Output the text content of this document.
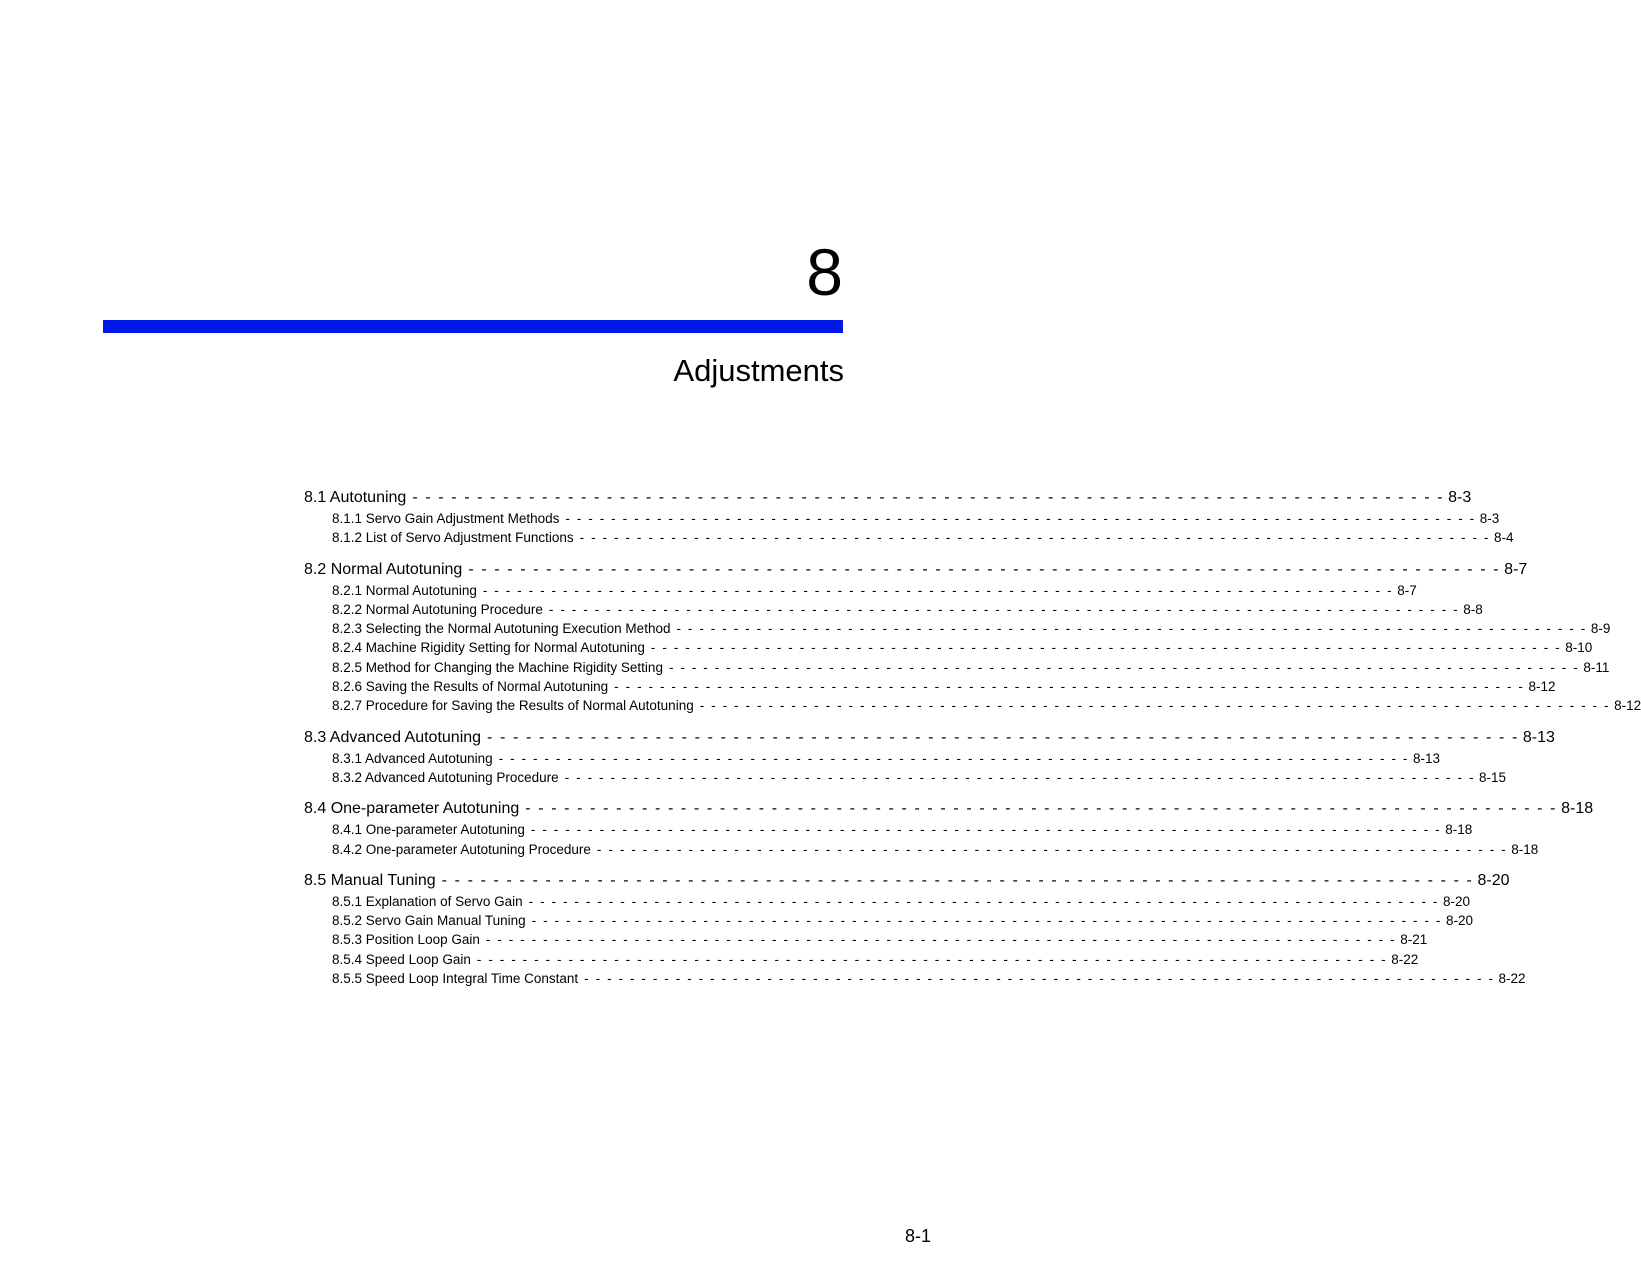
8
Adjustments
8.1 Autotuning - - - - - - - - - - - - - - - - - - - - - - - - - - - - - - - - - - - - - - - - - - - - - - - - - - - - - - - - - - - - - - - - - - - - - - - - - - - - - - - - 8-3
8.1.1 Servo Gain Adjustment Methods - - - - - - - - - - - - - - - - - - - - - - - - - - - - - - - - - - - - - - - - - - - - - - - - - - - - - - - - - - - - - - - - - - - - - - - - - - - - - - - - 8-3
8.1.2 List of Servo Adjustment Functions - - - - - - - - - - - - - - - - - - - - - - - - - - - - - - - - - - - - - - - - - - - - - - - - - - - - - - - - - - - - - - - - - - - - - - - - - - - - - - - - 8-4
8.2 Normal Autotuning - - - - - - - - - - - - - - - - - - - - - - - - - - - - - - - - - - - - - - - - - - - - - - - - - - - - - - - - - - - - - - - - - - - - - - - - - - - - - - - - 8-7
8.2.1 Normal Autotuning - - - - - - - - - - - - - - - - - - - - - - - - - - - - - - - - - - - - - - - - - - - - - - - - - - - - - - - - - - - - - - - - - - - - - - - - - - - - - - - - 8-7
8.2.2 Normal Autotuning Procedure - - - - - - - - - - - - - - - - - - - - - - - - - - - - - - - - - - - - - - - - - - - - - - - - - - - - - - - - - - - - - - - - - - - - - - - - - - - - - - - - 8-8
8.2.3 Selecting the Normal Autotuning Execution Method - - - - - - - - - - - - - - - - - - - - - - - - - - - - - - - - - - - - - - - - - - - - - - - - - - - - - - - - - - - - - - - - - - - - - - - - - - - - - - - - 8-9
8.2.4 Machine Rigidity Setting for Normal Autotuning - - - - - - - - - - - - - - - - - - - - - - - - - - - - - - - - - - - - - - - - - - - - - - - - - - - - - - - - - - - - - - - - - - - - - - - - - - - - - - - - 8-10
8.2.5 Method for Changing the Machine Rigidity Setting - - - - - - - - - - - - - - - - - - - - - - - - - - - - - - - - - - - - - - - - - - - - - - - - - - - - - - - - - - - - - - - - - - - - - - - - - - - - - - - - 8-11
8.2.6 Saving the Results of Normal Autotuning - - - - - - - - - - - - - - - - - - - - - - - - - - - - - - - - - - - - - - - - - - - - - - - - - - - - - - - - - - - - - - - - - - - - - - - - - - - - - - - - 8-12
8.2.7 Procedure for Saving the Results of Normal Autotuning - - - - - - - - - - - - - - - - - - - - - - - - - - - - - - - - - - - - - - - - - - - - - - - - - - - - - - - - - - - - - - - - - - - - - - - - - - - - - - - - 8-12
8.3 Advanced Autotuning - - - - - - - - - - - - - - - - - - - - - - - - - - - - - - - - - - - - - - - - - - - - - - - - - - - - - - - - - - - - - - - - - - - - - - - - - - - - - - - - 8-13
8.3.1 Advanced Autotuning - - - - - - - - - - - - - - - - - - - - - - - - - - - - - - - - - - - - - - - - - - - - - - - - - - - - - - - - - - - - - - - - - - - - - - - - - - - - - - - - 8-13
8.3.2 Advanced Autotuning Procedure - - - - - - - - - - - - - - - - - - - - - - - - - - - - - - - - - - - - - - - - - - - - - - - - - - - - - - - - - - - - - - - - - - - - - - - - - - - - - - - - 8-15
8.4 One-parameter Autotuning - - - - - - - - - - - - - - - - - - - - - - - - - - - - - - - - - - - - - - - - - - - - - - - - - - - - - - - - - - - - - - - - - - - - - - - - - - - - - - - - 8-18
8.4.1 One-parameter Autotuning - - - - - - - - - - - - - - - - - - - - - - - - - - - - - - - - - - - - - - - - - - - - - - - - - - - - - - - - - - - - - - - - - - - - - - - - - - - - - - - - 8-18
8.4.2 One-parameter Autotuning Procedure - - - - - - - - - - - - - - - - - - - - - - - - - - - - - - - - - - - - - - - - - - - - - - - - - - - - - - - - - - - - - - - - - - - - - - - - - - - - - - - - 8-18
8.5 Manual Tuning - - - - - - - - - - - - - - - - - - - - - - - - - - - - - - - - - - - - - - - - - - - - - - - - - - - - - - - - - - - - - - - - - - - - - - - - - - - - - - - - 8-20
8.5.1 Explanation of Servo Gain - - - - - - - - - - - - - - - - - - - - - - - - - - - - - - - - - - - - - - - - - - - - - - - - - - - - - - - - - - - - - - - - - - - - - - - - - - - - - - - - 8-20
8.5.2 Servo Gain Manual Tuning - - - - - - - - - - - - - - - - - - - - - - - - - - - - - - - - - - - - - - - - - - - - - - - - - - - - - - - - - - - - - - - - - - - - - - - - - - - - - - - - 8-20
8.5.3 Position Loop Gain - - - - - - - - - - - - - - - - - - - - - - - - - - - - - - - - - - - - - - - - - - - - - - - - - - - - - - - - - - - - - - - - - - - - - - - - - - - - - - - - 8-21
8.5.4 Speed Loop Gain - - - - - - - - - - - - - - - - - - - - - - - - - - - - - - - - - - - - - - - - - - - - - - - - - - - - - - - - - - - - - - - - - - - - - - - - - - - - - - - - 8-22
8.5.5 Speed Loop Integral Time Constant - - - - - - - - - - - - - - - - - - - - - - - - - - - - - - - - - - - - - - - - - - - - - - - - - - - - - - - - - - - - - - - - - - - - - - - - - - - - - - - - 8-22
8-1
